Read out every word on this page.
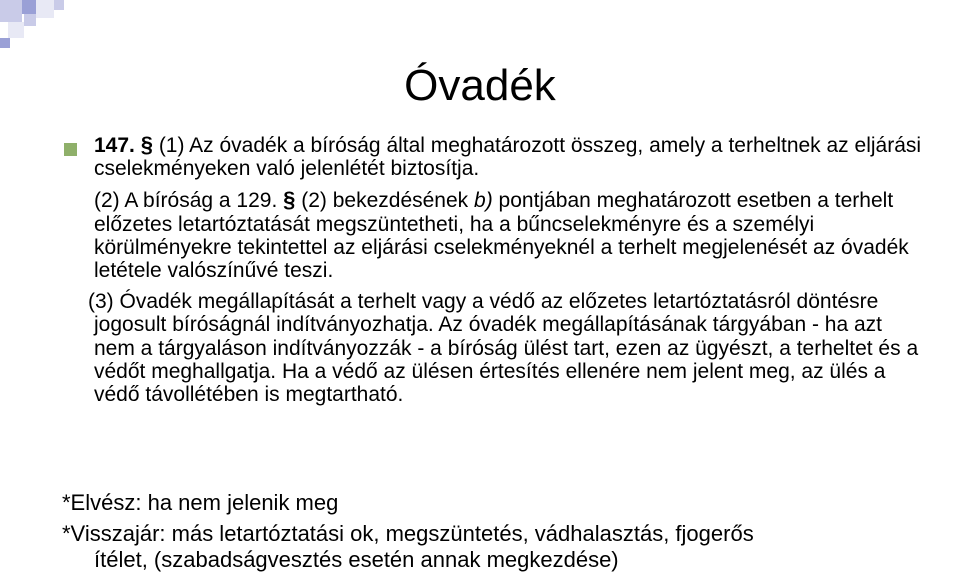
Óvadék

147. § (1) Az óvadék a bíróság által meghatározott összeg, amely a terheltnek az eljárási cselekményeken való jelenlétét biztosítja.

(2) A bíróság a 129. § (2) bekezdésének b) pontjában meghatározott esetben a terhelt előzetes letartóztatását megszüntetheti, ha a bűncselekményre és a személyi körülményekre tekintettel az eljárási cselekményeknél a terhelt megjelenését az óvadék letétele valószínűvé teszi.

(3) Óvadék megállapítását a terhelt vagy a védő az előzetes letartóztatásról döntésre jogosult bíróságnál indítványozhatja. Az óvadék megállapításának tárgyában - ha azt nem a tárgyaláson indítványozzák - a bíróság ülést tart, ezen az ügyészt, a terheltet és a védőt meghallgatja. Ha a védő az ülésen értesítés ellenére nem jelent meg, az ülés a védő távollétében is megtartható.

*Elvész: ha nem jelenik meg

*Visszajár: más letartóztatási ok, megszüntetés, vádhalasztás, fjogerős

ítélet, (szabadságvesztés esetén annak megkezdése)
